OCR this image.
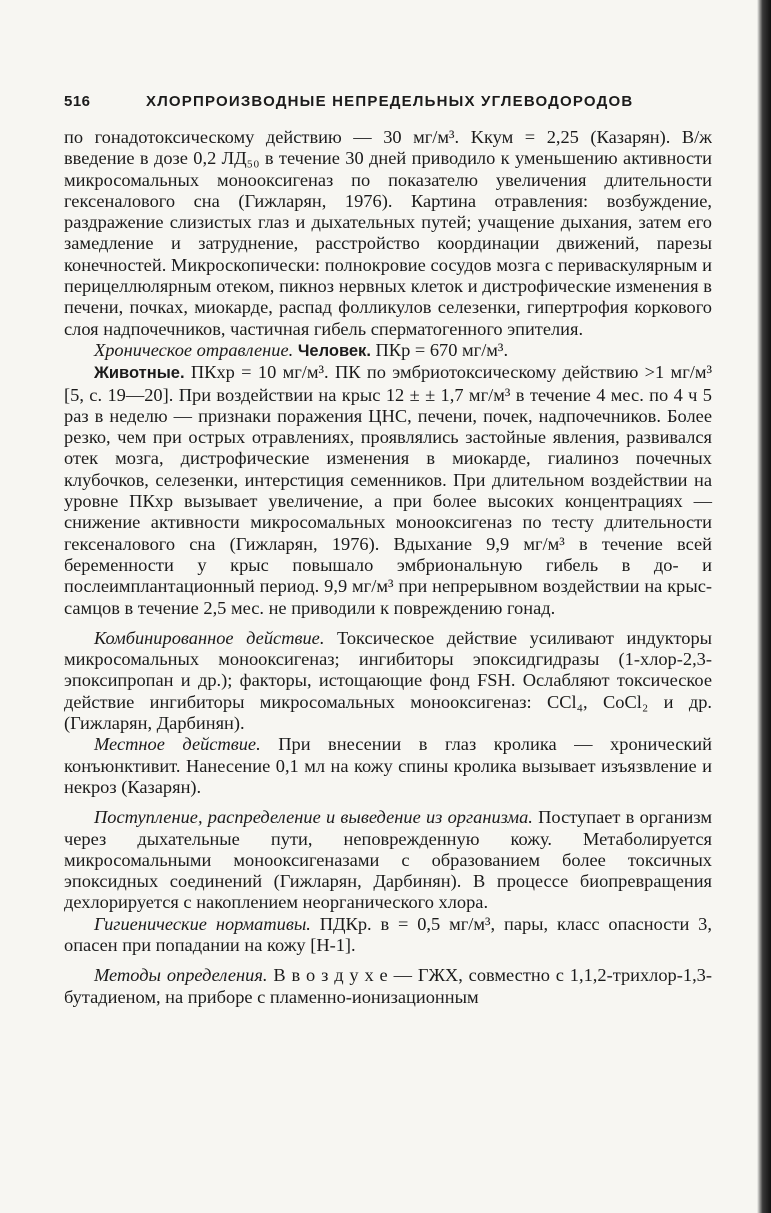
516	ХЛОРПРОИЗВОДНЫЕ НЕПРЕДЕЛЬНЫХ УГЛЕВОДОРОДОВ

по гонадотоксическому действию — 30 мг/м³. Kкум = 2,25 (Казарян). В/ж введение в дозе 0,2 ЛД₅₀ в течение 30 дней приводило к уменьшению активности микросомальных монооксигеназ по показателю увеличения длительности гексеналового сна (Гижларян, 1976). Картина отравления: возбуждение, раздражение слизистых глаз и дыхательных путей; учащение дыхания, затем его замедление и затруднение, расстройство координации движений, парезы конечностей. Микроскопически: полнокровие сосудов мозга с периваскулярным и перицеллюлярным отеком, пикноз нервных клеток и дистрофические изменения в печени, почках, миокарде, распад фолликулов селезенки, гипертрофия коркового слоя надпочечников, частичная гибель сперматогенного эпителия.

Хроническое отравление. Человек. ПКр = 670 мг/м³.

Животные. ПКхр = 10 мг/м³. ПК по эмбриотоксическому действию >1 мг/м³ [5, с. 19—20]. При воздействии на крыс 12 ± ± 1,7 мг/м³ в течение 4 мес. по 4 ч 5 раз в неделю — признаки поражения ЦНС, печени, почек, надпочечников. Более резко, чем при острых отравлениях, проявлялись застойные явления, развивался отек мозга, дистрофические изменения в миокарде, гиалиноз почечных клубочков, селезенки, интерстиция семенников. При длительном воздействии на уровне ПКхр вызывает увеличение, а при более высоких концентрациях — снижение активности микросомальных монооксигеназ по тесту длительности гексеналового сна (Гижларян, 1976). Вдыхание 9,9 мг/м³ в течение всей беременности у крыс повышало эмбриональную гибель в до- и послеимплантационный период. 9,9 мг/м³ при непрерывном воздействии на крыс-самцов в течение 2,5 мес. не приводили к повреждению гонад.

Комбинированное действие. Токсическое действие усиливают индукторы микросомальных монооксигеназ; ингибиторы эпоксидгидразы (1-хлор-2,3-эпоксипропан и др.); факторы, истощающие фонд FSH. Ослабляют токсическое действие ингибиторы микросомальных монооксигеназ: CCl₄, CoCl₂ и др. (Гижларян, Дарбинян).

Местное действие. При внесении в глаз кролика — хронический конъюнктивит. Нанесение 0,1 мл на кожу спины кролика вызывает изъязвление и некроз (Казарян).

Поступление, распределение и выведение из организма. Поступает в организм через дыхательные пути, неповрежденную кожу. Метаболируется микросомальными монооксигеназами с образованием более токсичных эпоксидных соединений (Гижларян, Дарбинян). В процессе биопревращения дехлорируется с накоплением неорганического хлора.

Гигиенические нормативы. ПДКр. в = 0,5 мг/м³, пары, класс опасности 3, опасен при попадании на кожу [Н-1].

Методы определения. В в о з д у х е — ГЖХ, совместно с 1,1,2-трихлор-1,3-бутадиеном, на приборе с пламенно-ионизационным
